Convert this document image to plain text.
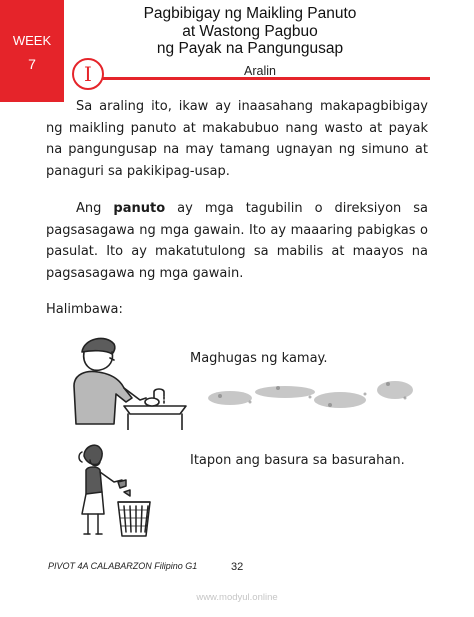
WEEK
7
Pagbibigay ng Maikling Panuto
at Wastong Pagbuo
ng Payak na Pangungusap
I	Aralin

Sa araling ito, ikaw ay inaasahang makapagbibigay ng maikling panuto at makabubuo nang wasto at payak na pangungusap na may tamang ugnayan ng simuno at panaguri sa pakikipag-usap.

Ang panuto ay mga tagubilin o direksiyon sa pagsasagawa ng mga gawain. Ito ay maaaring pabigkas o pasulat. Ito ay makatutulong sa mabilis at maayos na pagsasagawa ng mga gawain.

Halimbawa:
Maghugas ng kamay.
Itapon ang basura sa basurahan.
PIVOT 4A CALABARZON Filipino G1	32
www.modyul.online
